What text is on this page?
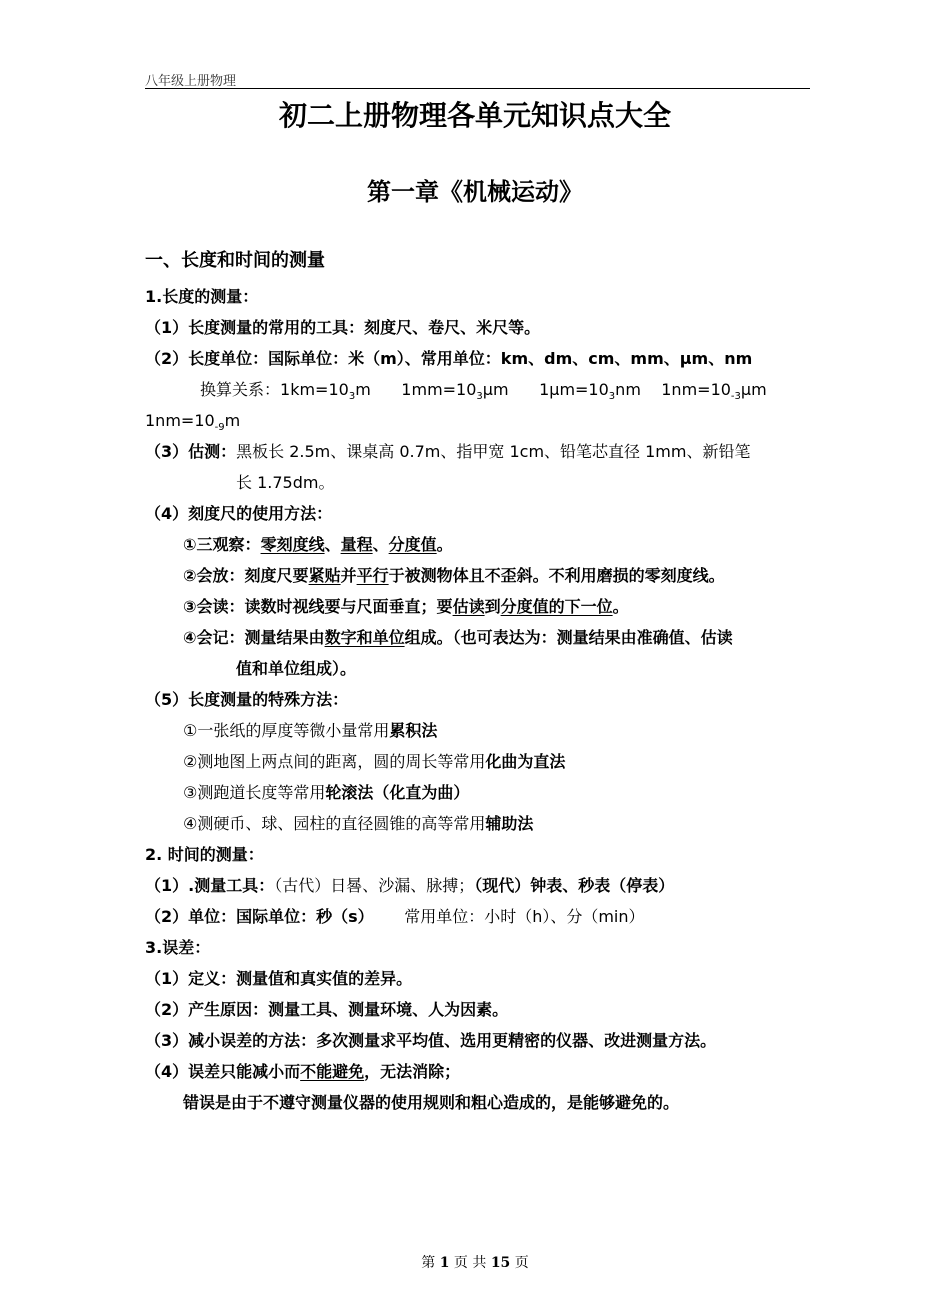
八年级上册物理
初二上册物理各单元知识点大全
第一章《机械运动》
一、长度和时间的测量
1.长度的测量：
（1）长度测量的常用的工具：刻度尺、卷尺、米尺等。
（2）长度单位：国际单位：米（m）、常用单位：km、dm、cm、mm、μm、nm
换算关系：$1km=10_3m$ $1mm=10_3\mu m$ $1\mu m=10_3nm$ $1nm=10_{-3}\mu m$
$1nm=10_{-9}m$
（3）估测：黑板长 2.5m、课桌高 0.7m、指甲宽 1cm、铅笔芯直径 1mm、新铅笔
长 1.75dm。
（4）刻度尺的使用方法：
①三观察：零刻度线、量程、分度值。
②会放：刻度尺要紧贴并平行于被测物体且不歪斜。不利用磨损的零刻度线。
③会读：读数时视线要与尺面垂直；要估读到分度值的下一位。
④会记：测量结果由数字和单位组成。（也可表达为：测量结果由准确值、估读
值和单位组成）。
（5）长度测量的特殊方法：
①一张纸的厚度等微小量常用累积法
②测地图上两点间的距离，圆的周长等常用化曲为直法
③测跑道长度等常用轮滚法（化直为曲）
④测硬币、球、园柱的直径圆锥的高等常用辅助法
2. 时间的测量：
（1）.测量工具：（古代）日晷、沙漏、脉搏；（现代）钟表、秒表（停表）
（2）单位：国际单位：秒（s） 常用单位：小时（h）、分（min）
3.误差：
（1）定义：测量值和真实值的差异。
（2）产生原因：测量工具、测量环境、人为因素。
（3）减小误差的方法：多次测量求平均值、选用更精密的仪器、改进测量方法。
（4）误差只能减小而不能避免，无法消除；
错误是由于不遵守测量仪器的使用规则和粗心造成的，是能够避免的。
第 1 页 共 15 页
